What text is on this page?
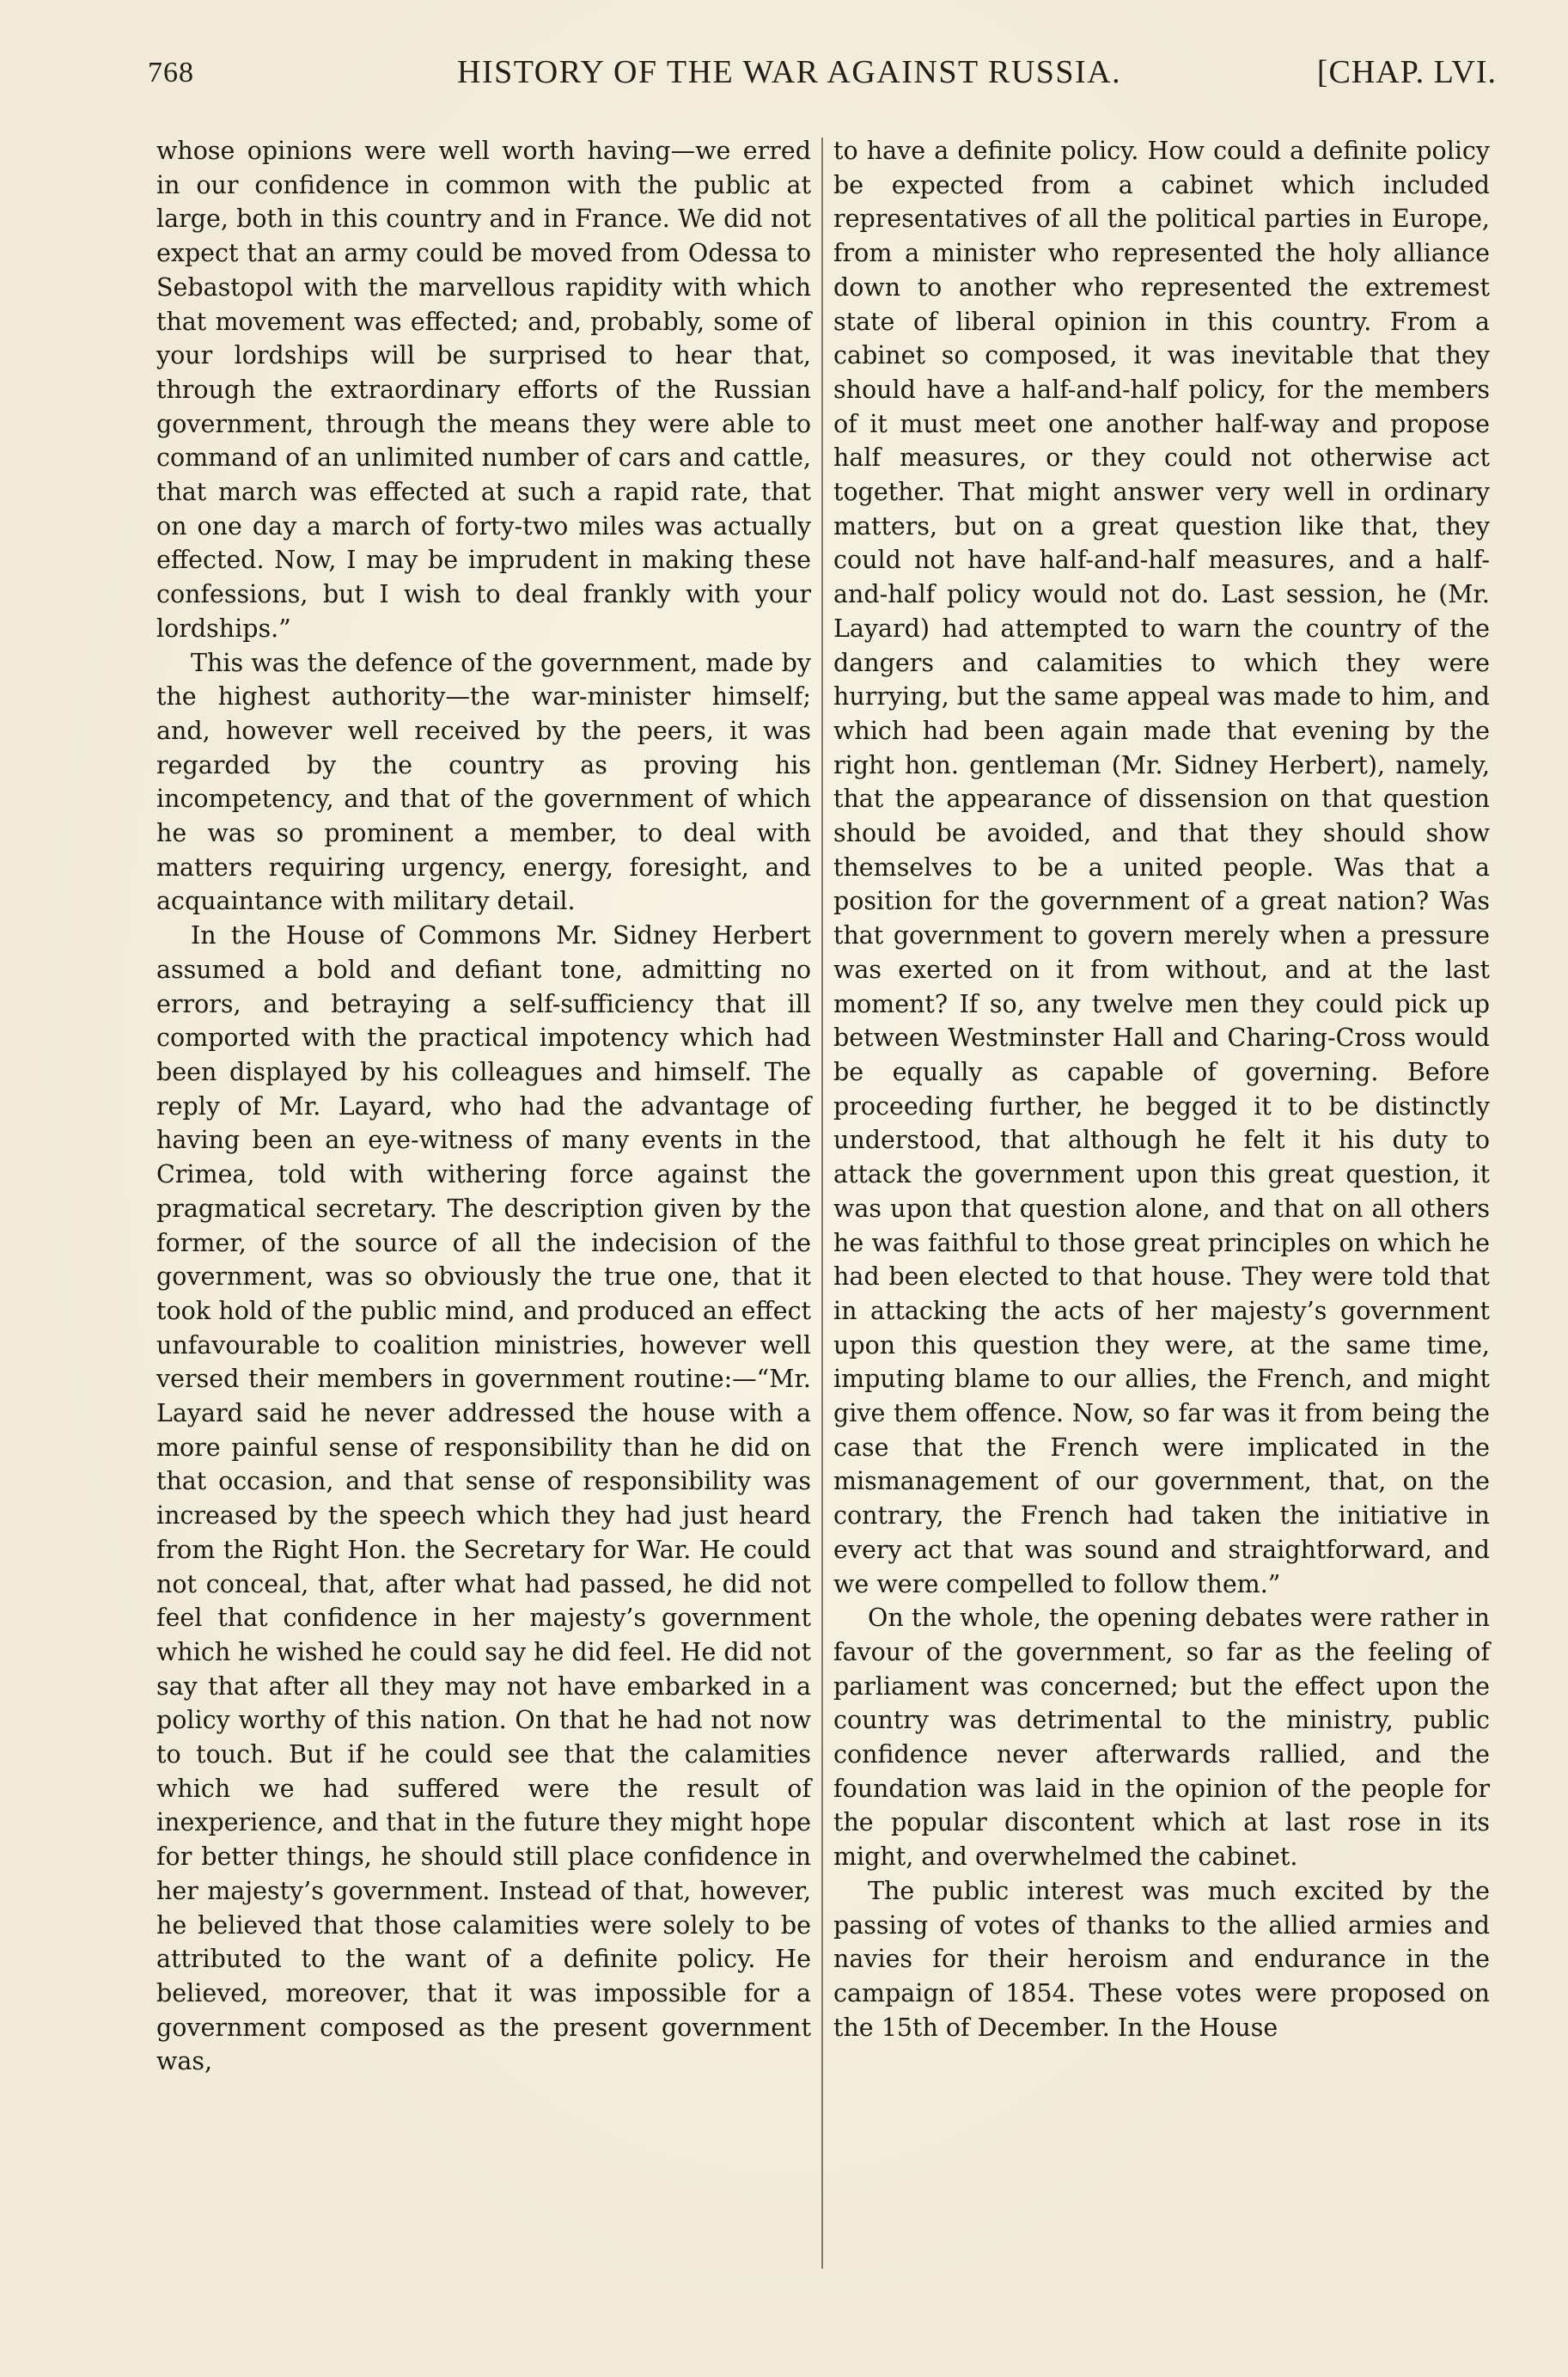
768	HISTORY OF THE WAR AGAINST RUSSIA.	[CHAP. LVI.

whose opinions were well worth having—we erred in our confidence in common with the public at large, both in this country and in France. We did not expect that an army could be moved from Odessa to Sebastopol with the marvellous rapidity with which that movement was effected; and, probably, some of your lordships will be surprised to hear that, through the extraordinary efforts of the Russian government, through the means they were able to command of an unlimited number of cars and cattle, that march was effected at such a rapid rate, that on one day a march of forty-two miles was actually effected. Now, I may be imprudent in making these confessions, but I wish to deal frankly with your lordships.”

This was the defence of the government, made by the highest authority—the war-minister himself; and, however well received by the peers, it was regarded by the country as proving his incompetency, and that of the government of which he was so prominent a member, to deal with matters requiring urgency, energy, foresight, and acquaintance with military detail.

In the House of Commons Mr. Sidney Herbert assumed a bold and defiant tone, admitting no errors, and betraying a self-sufficiency that ill comported with the practical impotency which had been displayed by his colleagues and himself. The reply of Mr. Layard, who had the advantage of having been an eye-witness of many events in the Crimea, told with withering force against the pragmatical secretary. The description given by the former, of the source of all the indecision of the government, was so obviously the true one, that it took hold of the public mind, and produced an effect unfavourable to coalition ministries, however well versed their members in government routine:—“Mr. Layard said he never addressed the house with a more painful sense of responsibility than he did on that occasion, and that sense of responsibility was increased by the speech which they had just heard from the Right Hon. the Secretary for War. He could not conceal, that, after what had passed, he did not feel that confidence in her majesty’s government which he wished he could say he did feel. He did not say that after all they may not have embarked in a policy worthy of this nation. On that he had not now to touch. But if he could see that the calamities which we had suffered were the result of inexperience, and that in the future they might hope for better things, he should still place confidence in her majesty’s government. Instead of that, however, he believed that those calamities were solely to be attributed to the want of a definite policy. He believed, moreover, that it was impossible for a government composed as the present government was,

to have a definite policy. How could a definite policy be expected from a cabinet which included representatives of all the political parties in Europe, from a minister who represented the holy alliance down to another who represented the extremest state of liberal opinion in this country. From a cabinet so composed, it was inevitable that they should have a half-and-half policy, for the members of it must meet one another half-way and propose half measures, or they could not otherwise act together. That might answer very well in ordinary matters, but on a great question like that, they could not have half-and-half measures, and a half-and-half policy would not do. Last session, he (Mr. Layard) had attempted to warn the country of the dangers and calamities to which they were hurrying, but the same appeal was made to him, and which had been again made that evening by the right hon. gentleman (Mr. Sidney Herbert), namely, that the appearance of dissension on that question should be avoided, and that they should show themselves to be a united people. Was that a position for the government of a great nation? Was that government to govern merely when a pressure was exerted on it from without, and at the last moment? If so, any twelve men they could pick up between Westminster Hall and Charing-Cross would be equally as capable of governing. Before proceeding further, he begged it to be distinctly understood, that although he felt it his duty to attack the government upon this great question, it was upon that question alone, and that on all others he was faithful to those great principles on which he had been elected to that house. They were told that in attacking the acts of her majesty’s government upon this question they were, at the same time, imputing blame to our allies, the French, and might give them offence. Now, so far was it from being the case that the French were implicated in the mismanagement of our government, that, on the contrary, the French had taken the initiative in every act that was sound and straightforward, and we were compelled to follow them.”

On the whole, the opening debates were rather in favour of the government, so far as the feeling of parliament was concerned; but the effect upon the country was detrimental to the ministry, public confidence never afterwards rallied, and the foundation was laid in the opinion of the people for the popular discontent which at last rose in its might, and overwhelmed the cabinet.

The public interest was much excited by the passing of votes of thanks to the allied armies and navies for their heroism and endurance in the campaign of 1854. These votes were proposed on the 15th of December. In the House
